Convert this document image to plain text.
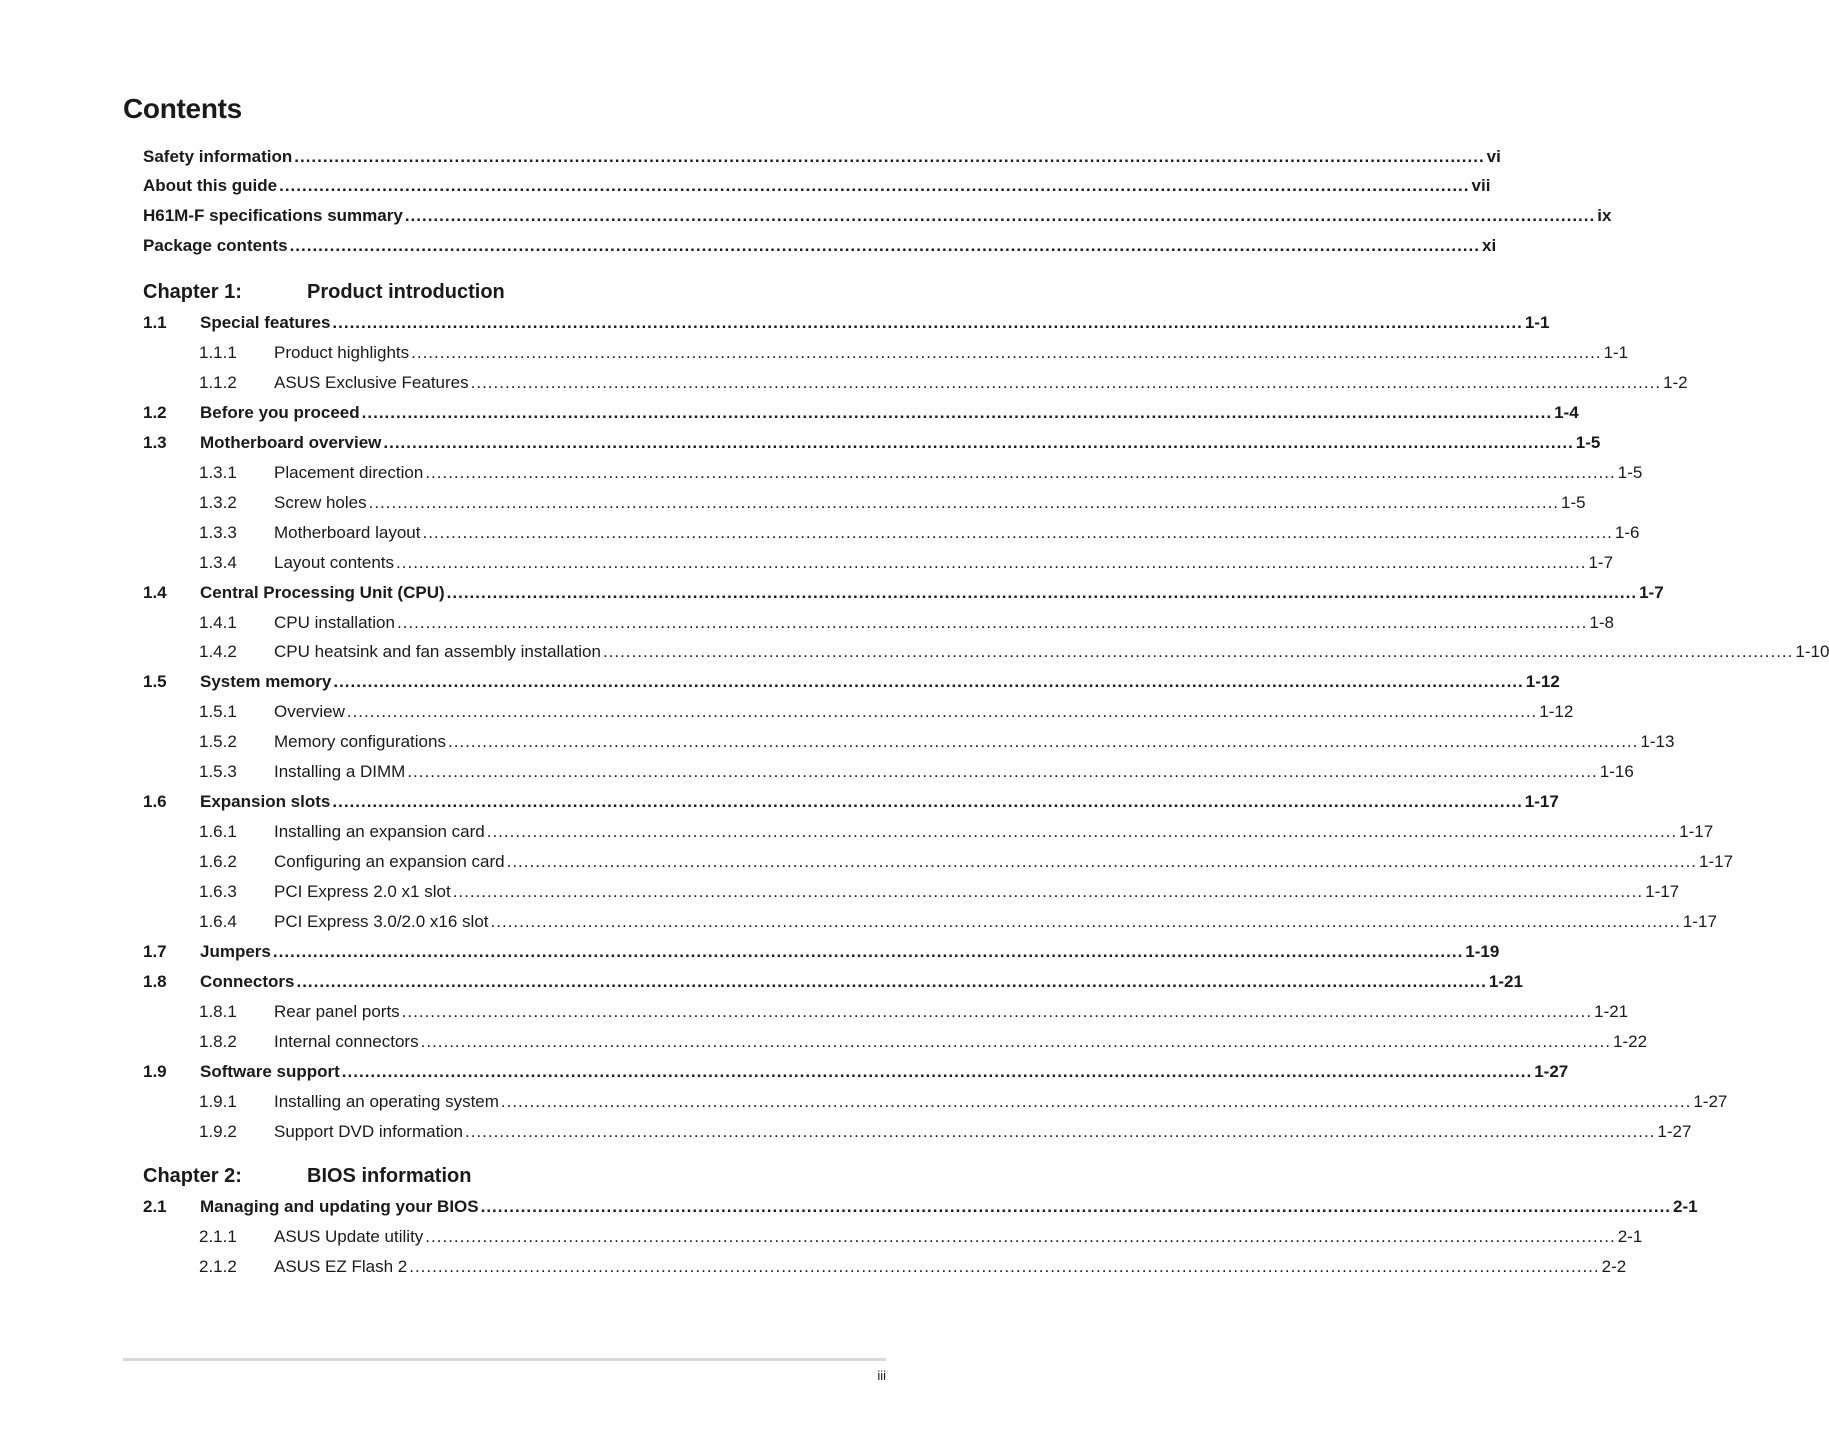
Contents
Safety information ................................................................................................................................................................................................................ vi
About this guide ................................................................................................................................................................................................................ vii
H61M-F specifications summary ................................................................................................................................................................................................................ ix
Package contents ................................................................................................................................................................................................................ xi
Chapter 1:	Product introduction
1.1	Special features ................................................................................................................................................................................................................ 1-1
1.1.1	Product highlights ................................................................................................................................................................................................................ 1-1
1.1.2	ASUS Exclusive Features ................................................................................................................................................................................................................ 1-2
1.2	Before you proceed ................................................................................................................................................................................................................ 1-4
1.3	Motherboard overview ................................................................................................................................................................................................................ 1-5
1.3.1	Placement direction ................................................................................................................................................................................................................ 1-5
1.3.2	Screw holes ................................................................................................................................................................................................................ 1-5
1.3.3	Motherboard layout ................................................................................................................................................................................................................ 1-6
1.3.4	Layout contents ................................................................................................................................................................................................................ 1-7
1.4	Central Processing Unit (CPU) ................................................................................................................................................................................................................ 1-7
1.4.1	CPU installation ................................................................................................................................................................................................................ 1-8
1.4.2	CPU heatsink and fan assembly installation ................................................................................................................................................................................................................ 1-10
1.5	System memory ................................................................................................................................................................................................................ 1-12
1.5.1	Overview ................................................................................................................................................................................................................ 1-12
1.5.2	Memory configurations ................................................................................................................................................................................................................ 1-13
1.5.3	Installing a DIMM ................................................................................................................................................................................................................ 1-16
1.6	Expansion slots ................................................................................................................................................................................................................ 1-17
1.6.1	Installing an expansion card ................................................................................................................................................................................................................ 1-17
1.6.2	Configuring an expansion card ................................................................................................................................................................................................................ 1-17
1.6.3	PCI Express 2.0 x1 slot ................................................................................................................................................................................................................ 1-17
1.6.4	PCI Express 3.0/2.0 x16 slot ................................................................................................................................................................................................................ 1-17
1.7	Jumpers ................................................................................................................................................................................................................ 1-19
1.8	Connectors ................................................................................................................................................................................................................ 1-21
1.8.1	Rear panel ports ................................................................................................................................................................................................................ 1-21
1.8.2	Internal connectors ................................................................................................................................................................................................................ 1-22
1.9	Software support ................................................................................................................................................................................................................ 1-27
1.9.1	Installing an operating system ................................................................................................................................................................................................................ 1-27
1.9.2	Support DVD information ................................................................................................................................................................................................................ 1-27
Chapter 2:	BIOS information
2.1	Managing and updating your BIOS ................................................................................................................................................................................................................ 2-1
2.1.1	ASUS Update utility ................................................................................................................................................................................................................ 2-1
2.1.2	ASUS EZ Flash 2 ................................................................................................................................................................................................................ 2-2
iii
